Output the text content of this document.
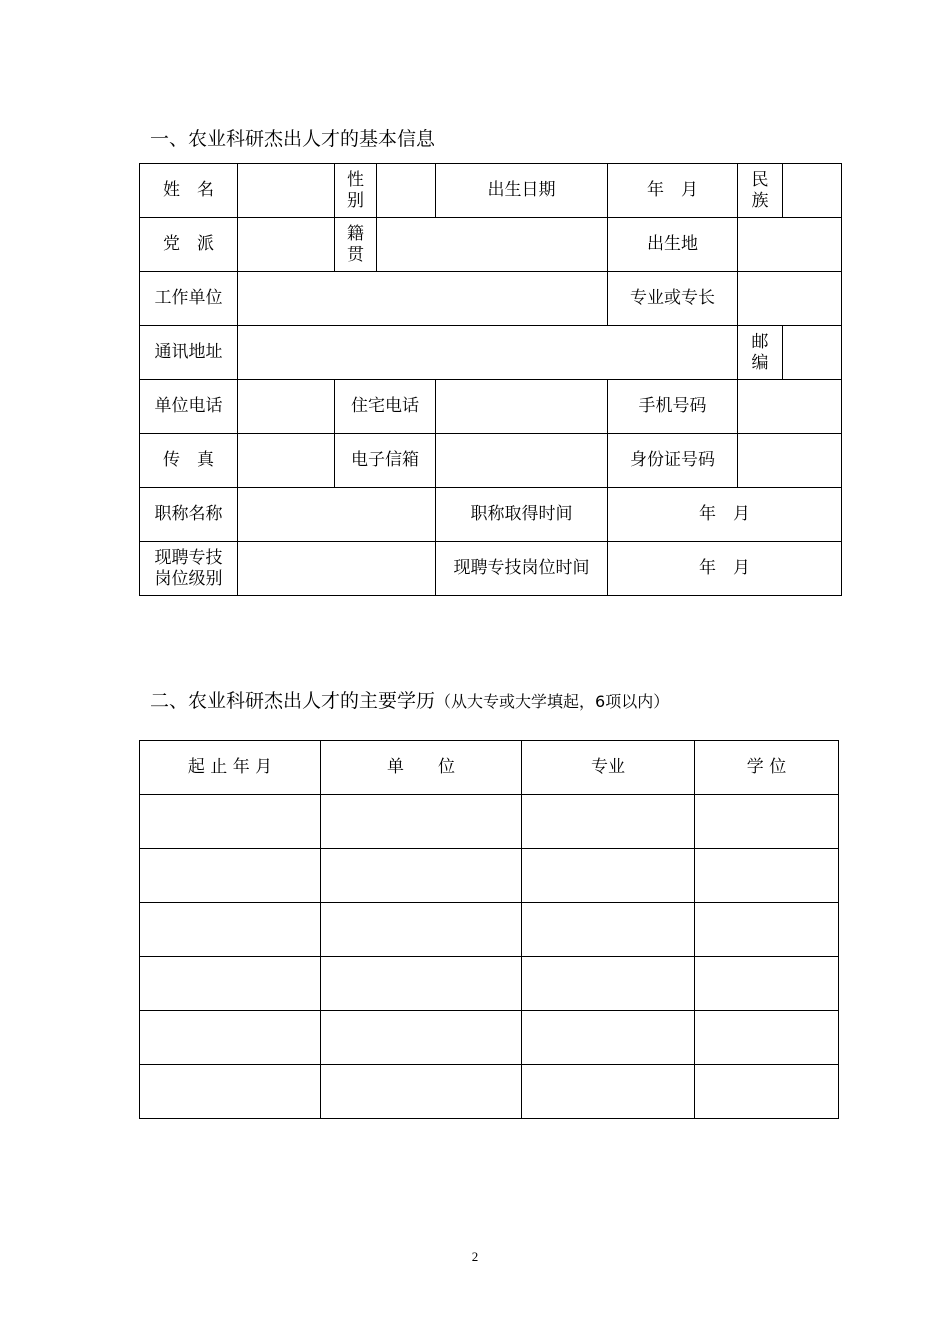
一、农业科研杰出人才的基本信息
姓　名		性别		出生日期	年　月	民族	
党　派		籍贯			出生地		
工作单位					专业或专长		
通讯地址						邮编	
单位电话		住宅电话			手机号码		
传　真		电子信箱			身份证号码		
职称名称				职称取得时间	年　月		
现聘专技岗位级别				现聘专技岗位时间	年　月		
二、农业科研杰出人才的主要学历（从大专或大学填起，6项以内）
起 止 年 月	单　　位	专业	学 位

2
